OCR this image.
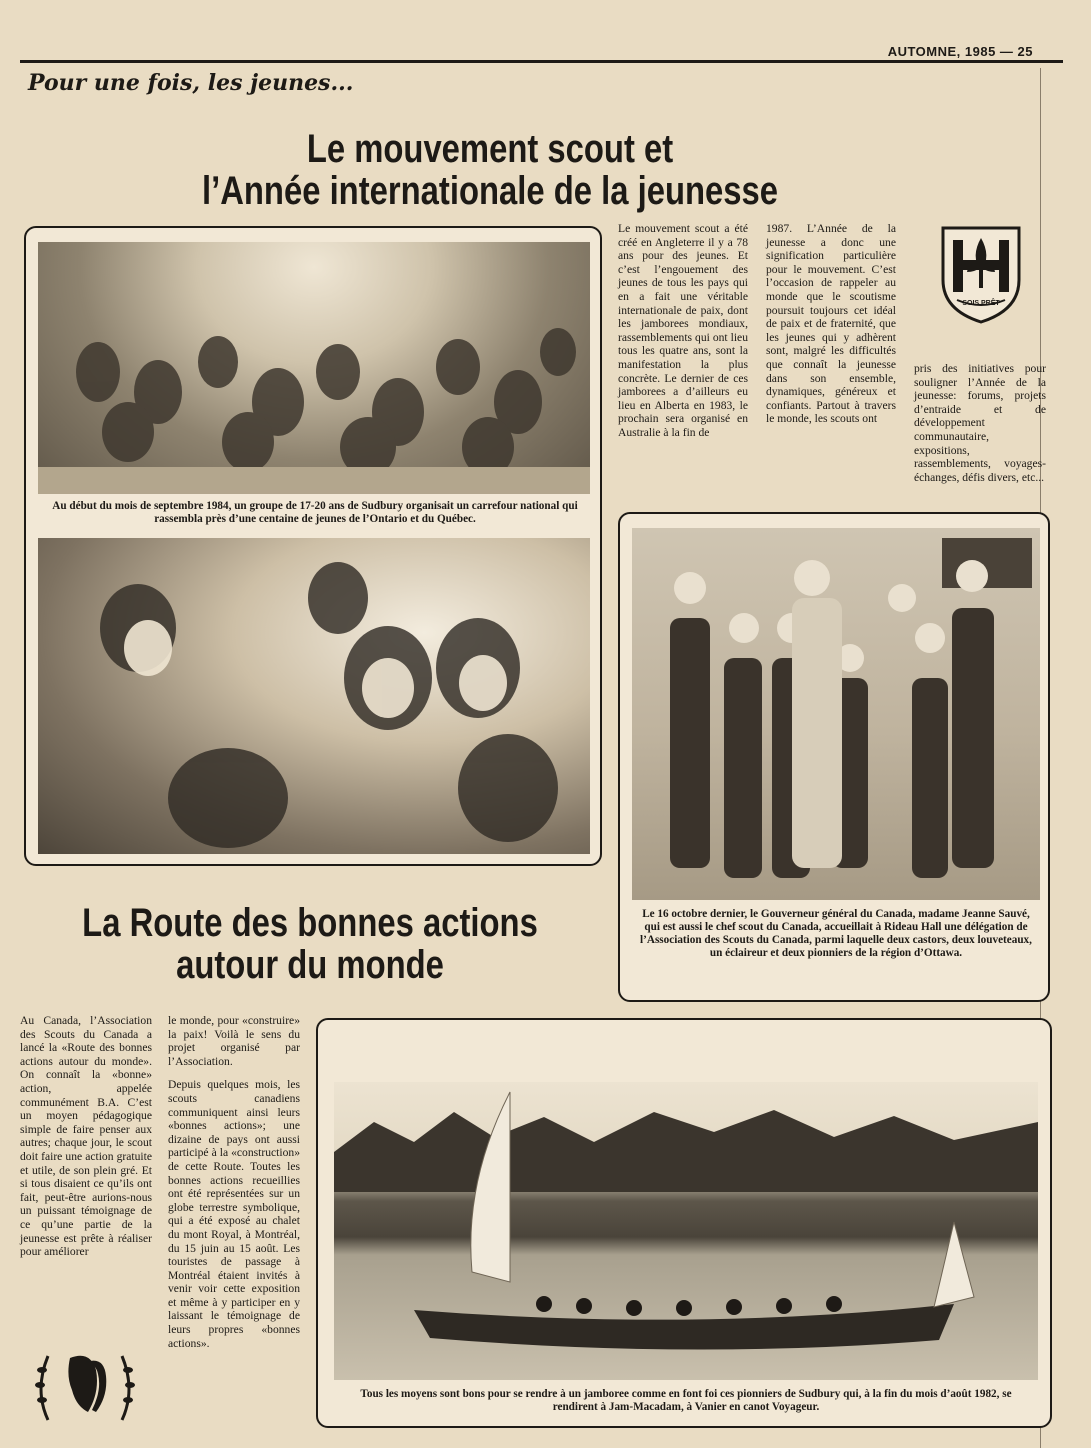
AUTOMNE, 1985 — 25
Pour une fois, les jeunes...
Le mouvement scout et
l’Année internationale de la jeunesse
Au début du mois de septembre 1984, un groupe de 17-20 ans de Sudbury organisait un carrefour national qui rassembla près d’une centaine de jeunes de l’Ontario et du Québec.
Le mouvement scout a été créé en Angleterre il y a 78 ans pour des jeunes. Et c’est l’engouement des jeunes de tous les pays qui en a fait une véritable internationale de paix, dont les jamborees mondiaux, rassemblements qui ont lieu tous les quatre ans, sont la manifestation la plus concrète. Le dernier de ces jamborees a d’ailleurs eu lieu en Alberta en 1983, le prochain sera organisé en Australie à la fin de
1987. L’Année de la jeunesse a donc une signification particulière pour le mouvement. C’est l’occasion de rappeler au monde que le scoutisme poursuit toujours cet idéal de paix et de fraternité, que les jeunes qui y adhèrent sont, malgré les difficultés que connaît la jeunesse dans son ensemble, dynamiques, généreux et confiants. Partout à travers le monde, les scouts ont
pris des initiatives pour souligner l’Année de la jeunesse: forums, projets d’entraide et de développement communautaire, expositions, rassemblements, voyages-échanges, défis divers, etc...
SOIS PRÊT
Le 16 octobre dernier, le Gouverneur général du Canada, madame Jeanne Sauvé, qui est aussi le chef scout du Canada, accueillait à Rideau Hall une délégation de l’Association des Scouts du Canada, parmi laquelle deux castors, deux louveteaux, un éclaireur et deux pionniers de la région d’Ottawa.
La Route des bonnes actions
autour du monde
Au Canada, l’Association des Scouts du Canada a lancé la «Route des bonnes actions autour du monde». On connaît la «bonne» action, appelée communément B.A. C’est un moyen pédagogique simple de faire penser aux autres; chaque jour, le scout doit faire une action gratuite et utile, de son plein gré. Et si tous disaient ce qu’ils ont fait, peut-être aurions-nous un puissant témoignage de ce qu’une partie de la jeunesse est prête à réaliser pour améliorer

le monde, pour «construire» la paix! Voilà le sens du projet organisé par l’Association.

Depuis quelques mois, les scouts canadiens communiquent ainsi leurs «bonnes actions»; une dizaine de pays ont aussi participé à la «construction» de cette Route. Toutes les bonnes actions recueillies ont été représentées sur un globe terrestre symbolique, qui a été exposé au chalet du mont Royal, à Montréal, du 15 juin au 15 août. Les touristes de passage à Montréal étaient invités à venir voir cette exposition et même à y participer en y laissant le témoignage de leurs propres «bonnes actions».

Tous les moyens sont bons pour se rendre à un jamboree comme en font foi ces pionniers de Sudbury qui, à la fin du mois d’août 1982, se rendirent à Jam-Macadam, à Vanier en canot Voyageur.
